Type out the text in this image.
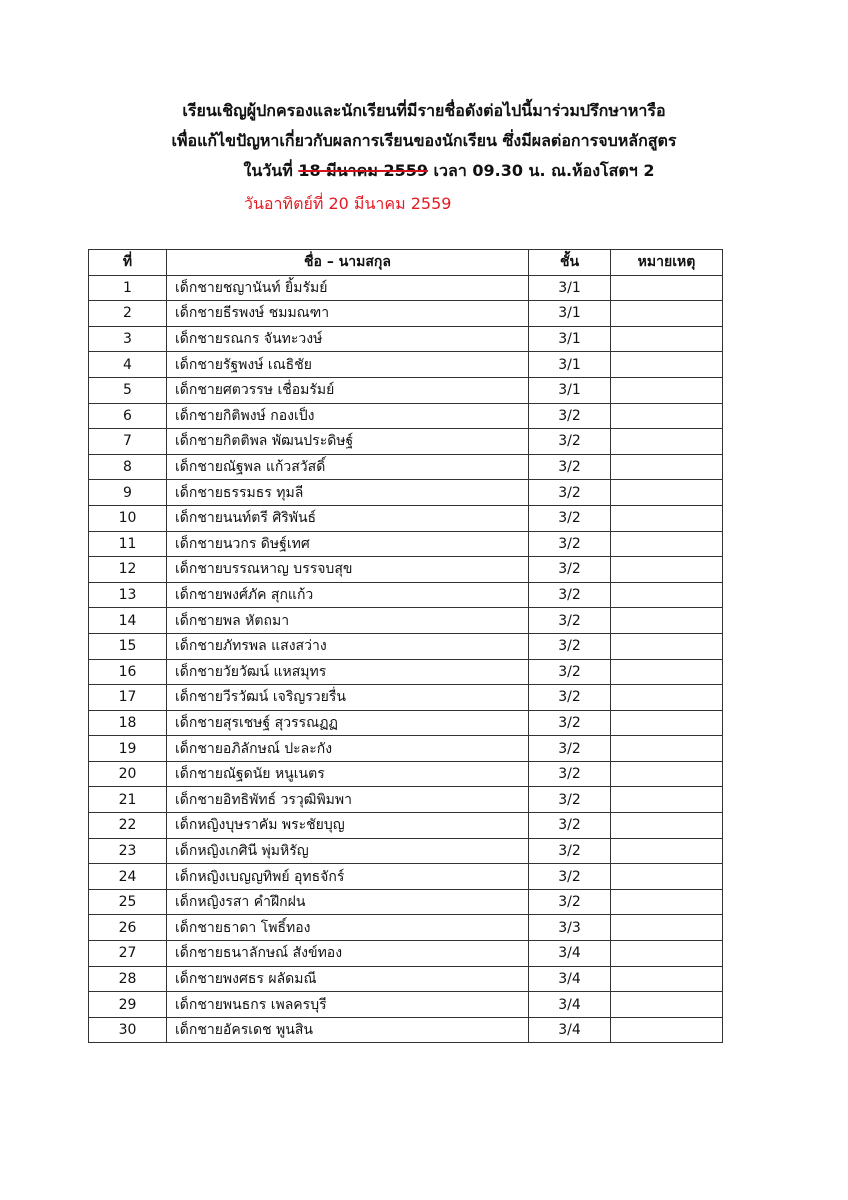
เรียนเชิญผู้ปกครองและนักเรียนที่มีรายชื่อดังต่อไปนี้มาร่วมปรึกษาหารือ
เพื่อแก้ไขปัญหาเกี่ยวกับผลการเรียนของนักเรียน ซึ่งมีผลต่อการจบหลักสูตร
ในวันที่ 18 มีนาคม 2559 เวลา 09.30 น. ณ.ห้องโสตฯ 2
วันอาทิตย์ที่ 20 มีนาคม 2559
ที่	ชื่อ – นามสกุล	ชั้น	หมายเหตุ
1	เด็กชายชญานันท์ ยิ้มรัมย์	3/1	
2	เด็กชายธีรพงษ์ ชมมณฑา	3/1	
3	เด็กชายรณกร จันทะวงษ์	3/1	
4	เด็กชายรัฐพงษ์ เณธิชัย	3/1	
5	เด็กชายศตวรรษ เชื่อมรัมย์	3/1	
6	เด็กชายกิติพงษ์ กองเป็ง	3/2	
7	เด็กชายกิตติพล พัฒนประดิษฐ์	3/2	
8	เด็กชายณัฐพล แก้วสวัสดิ์	3/2	
9	เด็กชายธรรมธร ทุมลี	3/2	
10	เด็กชายนนท์ตรี ศิริพันธ์	3/2	
11	เด็กชายนวกร ดิษฐ์เทศ	3/2	
12	เด็กชายบรรณหาญ บรรจบสุข	3/2	
13	เด็กชายพงศ์ภัค สุกแก้ว	3/2	
14	เด็กชายพล หัตถมา	3/2	
15	เด็กชายภัทรพล แสงสว่าง	3/2	
16	เด็กชายวัยวัฒน์ แหสมุทร	3/2	
17	เด็กชายวีรวัฒน์ เจริญรวยรื่น	3/2	
18	เด็กชายสุรเชษฐ์ สุวรรณฏฏ	3/2	
19	เด็กชายอภิลักษณ์ ปะละกัง	3/2	
20	เด็กชายณัฐดนัย หนูเนตร	3/2	
21	เด็กชายอิทธิพัทธ์ วรวุฒิพิมพา	3/2	
22	เด็กหญิงบุษราคัม พระชัยบุญ	3/2	
23	เด็กหญิงเกศินี พุ่มหิรัญ	3/2	
24	เด็กหญิงเบญญทิพย์ อุทธจักร์	3/2	
25	เด็กหญิงรสา คำฝึกฝน	3/2	
26	เด็กชายธาดา โพธิ์ทอง	3/3	
27	เด็กชายธนาลักษณ์ สังข์ทอง	3/4	
28	เด็กชายพงศธร ผลัดมณี	3/4	
29	เด็กชายพนธกร เพลครบุรี	3/4	
30	เด็กชายอัครเดช พูนสิน	3/4	
